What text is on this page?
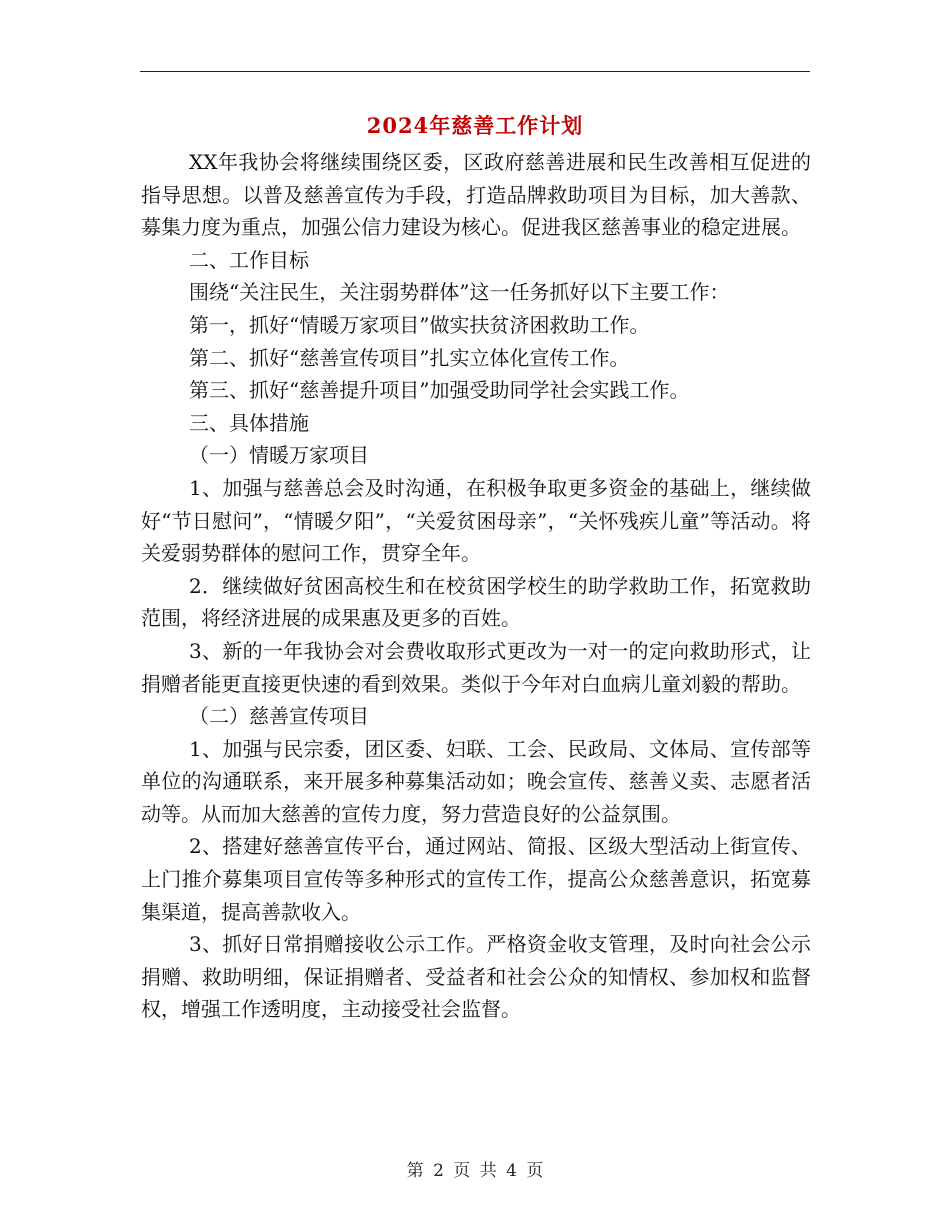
2024年慈善工作计划

XX年我协会将继续围绕区委，区政府慈善进展和民生改善相互促进的指导思想。以普及慈善宣传为手段，打造品牌救助项目为目标，加大善款、募集力度为重点，加强公信力建设为核心。促进我区慈善事业的稳定进展。

二、工作目标

围绕“关注民生，关注弱势群体”这一任务抓好以下主要工作：

第一，抓好“情暖万家项目”做实扶贫济困救助工作。

第二、抓好“慈善宣传项目”扎实立体化宣传工作。

第三、抓好“慈善提升项目”加强受助同学社会实践工作。

三、具体措施

（一）情暖万家项目

1、加强与慈善总会及时沟通，在积极争取更多资金的基础上，继续做好“节日慰问”，“情暖夕阳”，“关爱贫困母亲”，“关怀残疾儿童”等活动。将关爱弱势群体的慰问工作，贯穿全年。

2．继续做好贫困高校生和在校贫困学校生的助学救助工作，拓宽救助范围，将经济进展的成果惠及更多的百姓。

3、新的一年我协会对会费收取形式更改为一对一的定向救助形式，让捐赠者能更直接更快速的看到效果。类似于今年对白血病儿童刘毅的帮助。

（二）慈善宣传项目

1、加强与民宗委，团区委、妇联、工会、民政局、文体局、宣传部等单位的沟通联系，来开展多种募集活动如；晚会宣传、慈善义卖、志愿者活动等。从而加大慈善的宣传力度，努力营造良好的公益氛围。

2、搭建好慈善宣传平台，通过网站、简报、区级大型活动上街宣传、上门推介募集项目宣传等多种形式的宣传工作，提高公众慈善意识，拓宽募集渠道，提高善款收入。

3、抓好日常捐赠接收公示工作。严格资金收支管理，及时向社会公示捐赠、救助明细，保证捐赠者、受益者和社会公众的知情权、参加权和监督权，增强工作透明度，主动接受社会监督。

第 2 页 共 4 页
